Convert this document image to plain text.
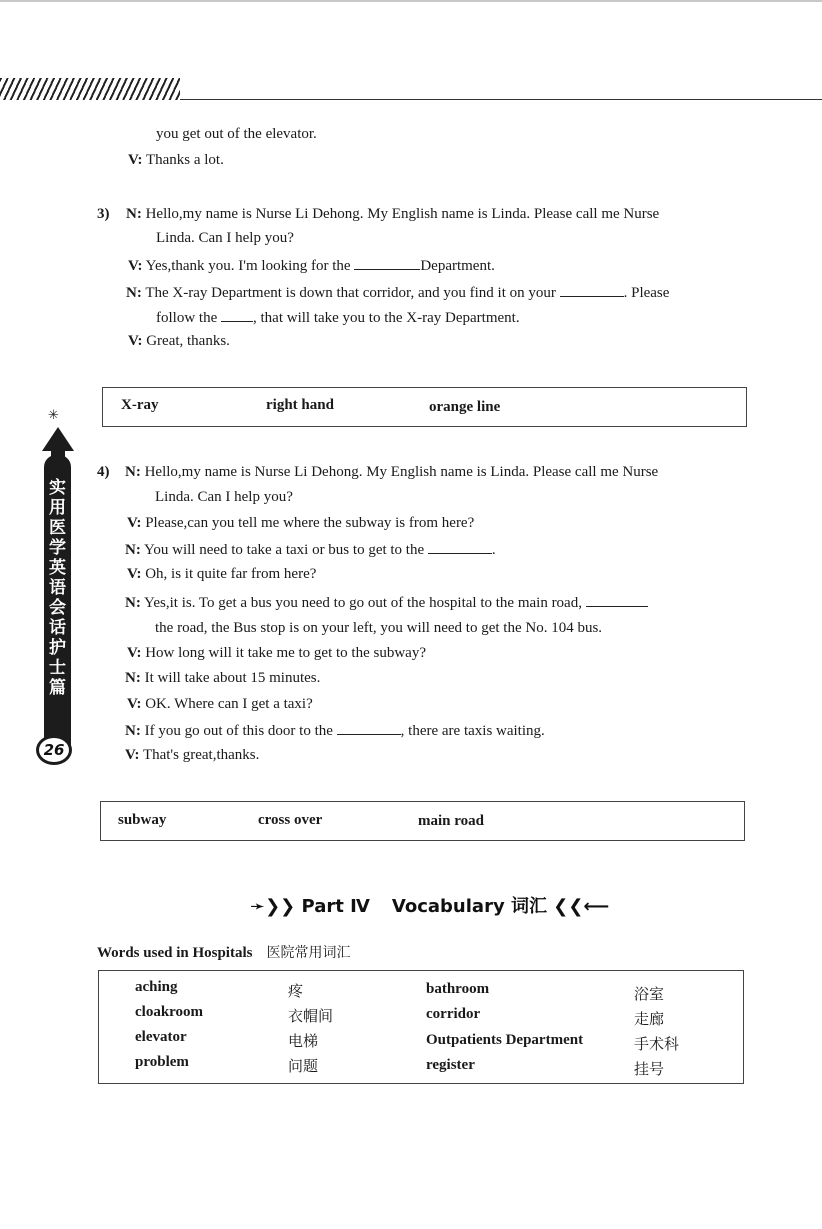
you get out of the elevator.
V: Thanks a lot.
3) N: Hello,my name is Nurse Li Dehong. My English name is Linda. Please call me Nurse
Linda. Can I help you?
V: Yes,thank you. I'm looking for the	Department.
N: The X-ray Department is down that corridor, and you find it on your	. Please
follow the , that will take you to the X-ray Department.
V: Great, thanks.
X-ray	right hand	orange line
✳
实用医学英语会话 护士篇
26
4) N: Hello,my name is Nurse Li Dehong. My English name is Linda. Please call me Nurse
Linda. Can I help you?
V: Please,can you tell me where the subway is from here?
N: You will need to take a taxi or bus to get to the	.
V: Oh, is it quite far from here?
N: Yes,it is. To get a bus you need to go out of the hospital to the main road,
the road, the Bus stop is on your left, you will need to get the No. 104 bus.
V: How long will it take me to get to the subway?
N: It will take about 15 minutes.
V: OK. Where can I get a taxi?
N: If you go out of this door to the	, there are taxis waiting.
V: That's great,thanks.
subway	cross over	main road
➛❯❯ Part Ⅳ Vocabulary 词汇 ❮❮⟵
Words used in Hospitals 医院常用词汇
aching	疼	bathroom	浴室
cloakroom	衣帽间	corridor	走廊
elevator	电梯	Outpatients Department	手术科
problem	问题	register	挂号
